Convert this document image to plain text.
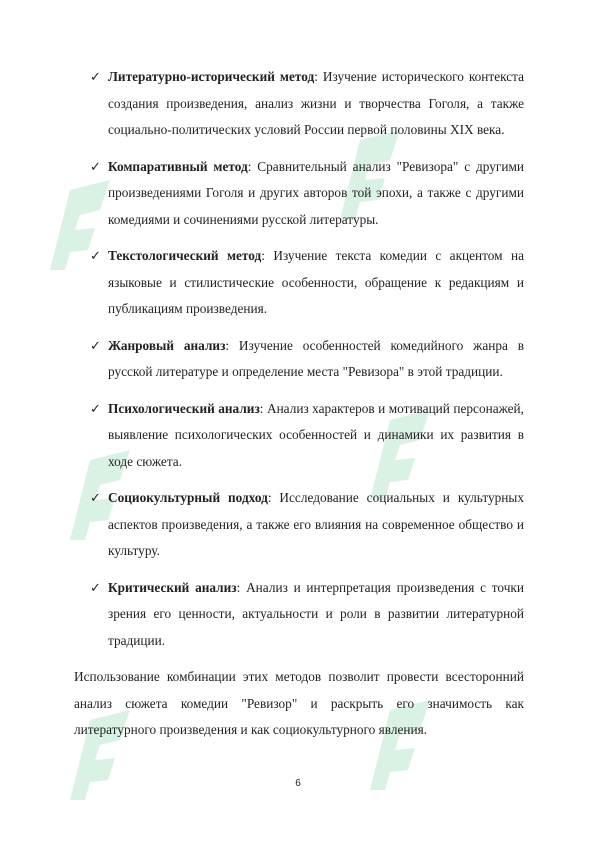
✓ Литературно-исторический метод: Изучение исторического контекста создания произведения, анализ жизни и творчества Гоголя, а также социально-политических условий России первой половины XIX века.
✓ Компаративный метод: Сравнительный анализ "Ревизора" с другими произведениями Гоголя и других авторов той эпохи, а также с другими комедиями и сочинениями русской литературы.
✓ Текстологический метод: Изучение текста комедии с акцентом на языковые и стилистические особенности, обращение к редакциям и публикациям произведения.
✓ Жанровый анализ: Изучение особенностей комедийного жанра в русской литературе и определение места "Ревизора" в этой традиции.
✓ Психологический анализ: Анализ характеров и мотиваций персонажей, выявление психологических особенностей и динамики их развития в ходе сюжета.
✓ Социокультурный подход: Исследование социальных и культурных аспектов произведения, а также его влияния на современное общество и культуру.
✓ Критический анализ: Анализ и интерпретация произведения с точки зрения его ценности, актуальности и роли в развитии литературной традиции.

Использование комбинации этих методов позволит провести всесторонний анализ сюжета комедии "Ревизор" и раскрыть его значимость как литературного произведения и как социокультурного явления.

6
